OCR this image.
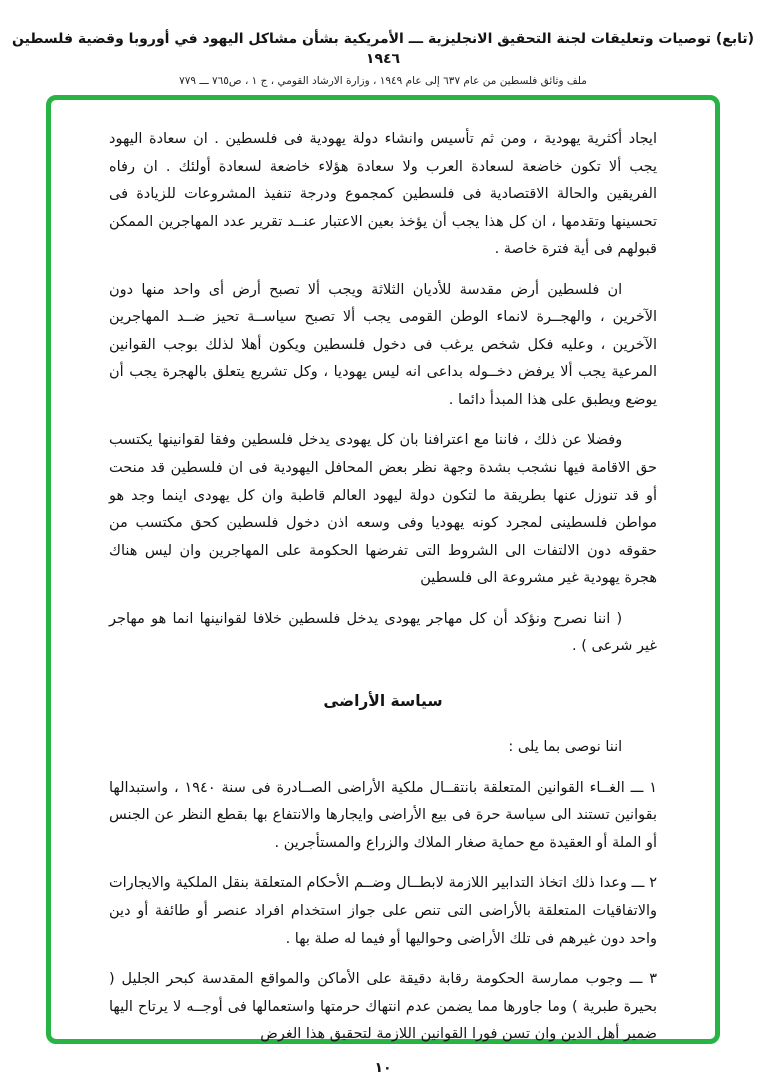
(تابع) توصيات وتعليقات لجنة التحقيق الانجليزية ـــ الأمريكية بشأن مشاكل اليهود في أوروبا وقضية فلسطين ١٩٤٦
ملف وثائق فلسطين من عام ٦٣٧ إلى عام ١٩٤٩ ، وزارة الارشاد القومي ، ج ١ ، ص٧٦٥ ـــ ٧٧٩

ايجاد أكثرية يهودية ، ومن ثم تأسيس وانشاء دولة يهودية فى فلسطين . ان سعادة اليهود يجب ألا تكون خاضعة لسعادة العرب ولا سعادة هؤلاء خاضعة لسعادة أولئك . ان رفاه الفريقين والحالة الاقتصادية فى فلسطين كمجموع ودرجة تنفيذ المشروعات للزيادة فى تحسينها وتقدمها ، ان كل هذا يجب أن يؤخذ بعين الاعتبار عنــد تقرير عدد المهاجرين الممكن قبولهم فى أية فترة خاصة .

ان فلسطين أرض مقدسة للأديان الثلاثة ويجب ألا تصبح أرض أى واحد منها دون الآخرين ، والهجــرة لانماء الوطن القومى يجب ألا تصبح سياســة تحيز ضــد المهاجرين الآخرين ، وعليه فكل شخص يرغب فى دخول فلسطين ويكون أهلا لذلك بوجب القوانين المرعية يجب ألا يرفض دخــوله بداعى انه ليس يهوديا ، وكل تشريع يتعلق بالهجرة يجب أن يوضع ويطبق على هذا المبدأ دائما .

وفضلا عن ذلك ، فاننا مع اعترافنا بان كل يهودى يدخل فلسطين وفقا لقوانينها يكتسب حق الاقامة فيها نشجب بشدة وجهة نظر بعض المحافل اليهودية فى ان فلسطين قد منحت أو قد تنوزل عنها بطريقة ما لتكون دولة ليهود العالم قاطبة وان كل يهودى اينما وجد هو مواطن فلسطينى لمجرد كونه يهوديا وفى وسعه اذن دخول فلسطين كحق مكتسب من حقوقه دون الالتفات الى الشروط التى تفرضها الحكومة على المهاجرين وان ليس هناك هجرة يهودية غير مشروعة الى فلسطين

( اننا نصرح ونؤكد أن كل مهاجر يهودى يدخل فلسطين خلافا لقوانينها انما هو مهاجر غير شرعى ) .

سياسة الأراضى

اننا نوصى بما يلى :

١ ـــ الغــاء القوانين المتعلقة بانتقــال ملكية الأراضى الصــادرة فى سنة ١٩٤٠ ، واستبدالها بقوانين تستند الى سياسة حرة فى بيع الأراضى وايجارها والانتفاع بها بقطع النظر عن الجنس أو الملة أو العقيدة مع حماية صغار الملاك والزراع والمستأجرين .

٢ ـــ وعدا ذلك اتخاذ التدابير اللازمة لابطــال وضــم الأحكام المتعلقة بنقل الملكية والايجارات والاتفاقيات المتعلقة بالأراضى التى تنص على جواز استخدام افراد عنصر أو طائفة أو دين واحد دون غيرهم فى تلك الأراضى وحواليها أو فيما له صلة بها .

٣ ـــ وجوب ممارسة الحكومة رقابة دقيقة على الأماكن والمواقع المقدسة كبحر الجليل ( بحيرة طبرية ) وما جاورها مما يضمن عدم انتهاك حرمتها واستعمالها فى أوجــه لا يرتاح اليها ضمير أهل الدين وان تسن فورا القوانين اللازمة لتحقيق هذا الغرض

١٠
